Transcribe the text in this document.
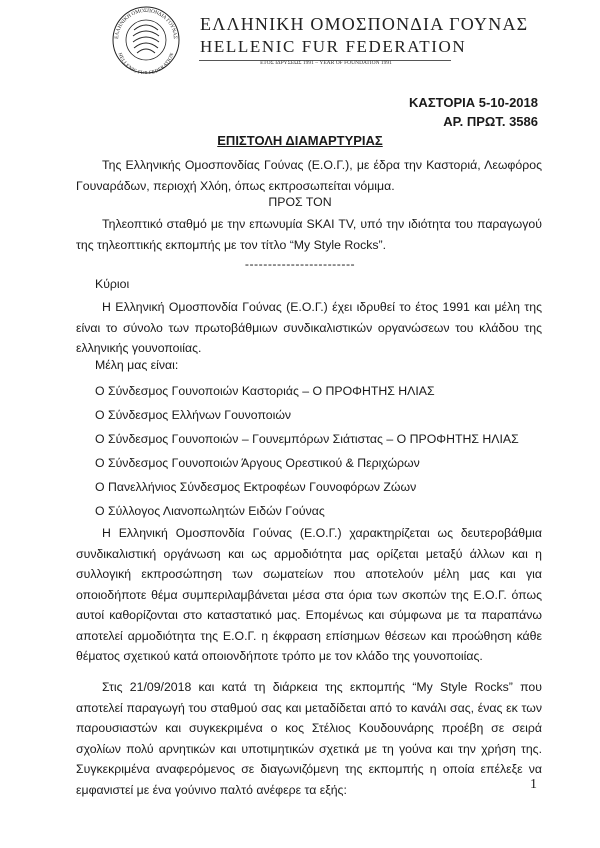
ΕΛΛΗΝΙΚΗ ΟΜΟΣΠΟΝΔΙΑ ΓΟΥΝΑΣ
HELLENIC FUR FEDERATION
ΕΛΛΗΝΙΚΗ ΟΜΟΣΠΟΝΔΙΑ ΓΟΥΝΑΣ
HELLENIC FUR FEDERATION
ΕΤΟΣ ΙΔΡΥΣΕΩΣ 1991 – YEAR OF FOUNDATION 1991
ΚΑΣΤΟΡΙΑ 5-10-2018
ΑΡ. ΠΡΩΤ. 3586
ΕΠΙΣΤΟΛΗ ΔΙΑΜΑΡΤΥΡΙΑΣ
Της Ελληνικής Ομοσπονδίας Γούνας (Ε.Ο.Γ.), με έδρα την Καστοριά, Λεωφόρος Γουναράδων, περιοχή Χλόη, όπως εκπροσωπείται νόμιμα.
ΠΡΟΣ ΤΟΝ
Τηλεοπτικό σταθμό με την επωνυμία SKAI TV, υπό την ιδιότητα του παραγωγού της τηλεοπτικής εκπομπής με τον τίτλο “My Style Rocks”.
------------------------
Κύριοι
Η Ελληνική Ομοσπονδία Γούνας (Ε.Ο.Γ.) έχει ιδρυθεί το έτος 1991 και μέλη της είναι το σύνολο των πρωτοβάθμιων συνδικαλιστικών οργανώσεων του κλάδου της ελληνικής γουνοποιίας.
Μέλη μας είναι:
Ο Σύνδεσμος Γουνοποιών Καστοριάς – Ο ΠΡΟΦΗΤΗΣ ΗΛΙΑΣ
Ο Σύνδεσμος Ελλήνων Γουνοποιών
Ο Σύνδεσμος Γουνοποιών – Γουνεμπόρων Σιάτιστας – Ο ΠΡΟΦΗΤΗΣ ΗΛΙΑΣ
Ο Σύνδεσμος Γουνοποιών Άργους Ορεστικού & Περιχώρων
Ο Πανελλήνιος Σύνδεσμος Εκτροφέων Γουνοφόρων Ζώων
Ο Σύλλογος Λιανοπωλητών Ειδών Γούνας
Η Ελληνική Ομοσπονδία Γούνας (Ε.Ο.Γ.) χαρακτηρίζεται ως δευτεροβάθμια συνδικαλιστική οργάνωση και ως αρμοδιότητα μας ορίζεται μεταξύ άλλων και η συλλογική εκπροσώπηση των σωματείων που αποτελούν μέλη μας και για οποιοδήποτε θέμα συμπεριλαμβάνεται μέσα στα όρια των σκοπών της Ε.Ο.Γ. όπως αυτοί καθορίζονται στο καταστατικό μας. Επομένως και σύμφωνα με τα παραπάνω αποτελεί αρμοδιότητα της Ε.Ο.Γ. η έκφραση επίσημων θέσεων και προώθηση κάθε θέματος σχετικού κατά οποιονδήποτε τρόπο με τον κλάδο της γουνοποιίας.
Στις 21/09/2018 και κατά τη διάρκεια της εκπομπής “My Style Rocks” που αποτελεί παραγωγή του σταθμού σας και μεταδίδεται από το κανάλι σας, ένας εκ των παρουσιαστών και συγκεκριμένα ο κος Στέλιος Κουδουνάρης προέβη σε σειρά σχολίων πολύ αρνητικών και υποτιμητικών σχετικά με τη γούνα και την χρήση της. Συγκεκριμένα αναφερόμενος σε διαγωνιζόμενη της εκπομπής η οποία επέλεξε να εμφανιστεί με ένα γούνινο παλτό ανέφερε τα εξής:	1
